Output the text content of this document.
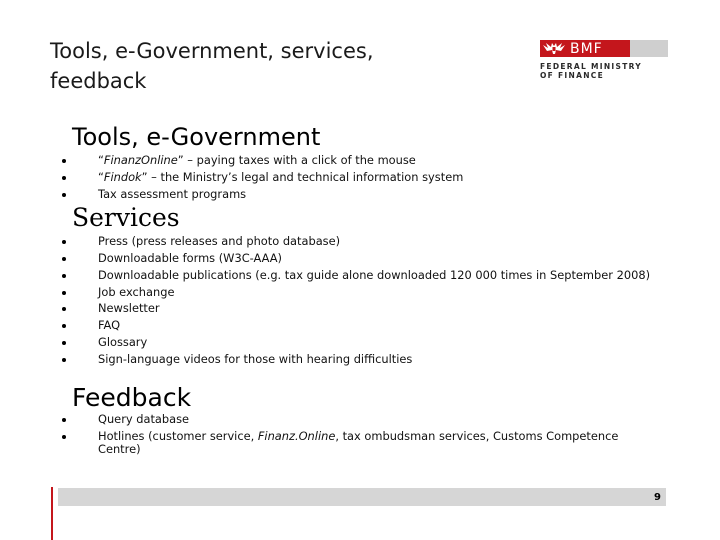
Tools, e-Government, services,
feedback
BMF
FEDERAL MINISTRY
OF FINANCE
Tools, e-Government
“FinanzOnline” – paying taxes with a click of the mouse
“Findok” – the Ministry’s legal and technical information system
Tax assessment programs
Services
Press (press releases and photo database)
Downloadable forms (W3C-AAA)
Downloadable publications (e.g. tax guide alone downloaded 120 000 times in September 2008)
Job exchange
Newsletter
FAQ
Glossary
Sign-language videos for those with hearing difficulties
Feedback
Query database
Hotlines (customer service, Finanz.Online, tax ombudsman services, Customs Competence Centre)
9
